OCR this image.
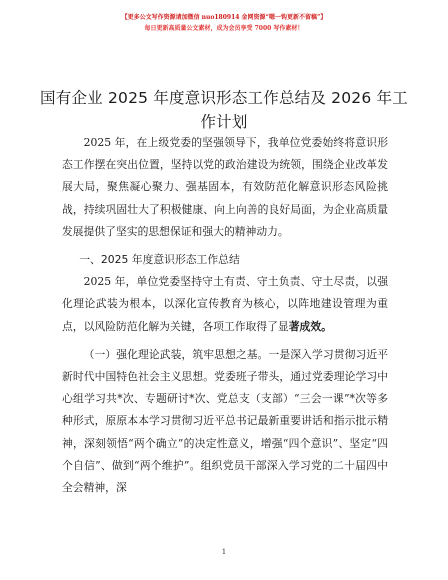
【更多公文写作资源请加微信 nuo180914 金网资源“嗯一钩更新不留稿”】
每日更新高质量公文素材，成为会员享受 7000 写作素材！
国有企业 2025 年度意识形态工作总结及 2026 年工作计划

2025 年，在上级党委的坚强领导下，我单位党委始终将意识形态工作摆在突出位置，坚持以党的政治建设为统领，围绕企业改革发展大局，聚焦凝心聚力、强基固本，有效防范化解意识形态风险挑战，持续巩固壮大了积极健康、向上向善的良好局面，为企业高质量发展提供了坚实的思想保证和强大的精神动力。

一、2025 年度意识形态工作总结

2025 年，单位党委坚持守土有责、守土负责、守土尽责，以强化理论武装为根本，以深化宣传教育为核心，以阵地建设管理为重点，以风险防范化解为关键，各项工作取得了显著成效。

（一）强化理论武装，筑牢思想之基。一是深入学习贯彻习近平新时代中国特色社会主义思想。党委班子带头，通过党委理论学习中心组学习共*次、专题研讨*次、党总支（支部）“三会一课”*次等多种形式，原原本本学习贯彻习近平总书记最新重要讲话和指示批示精神，深刻领悟“两个确立”的决定性意义，增强“四个意识”、坚定“四个自信”、做到“两个维护”。组织党员干部深入学习党的二十届四中全会精神，深

1
